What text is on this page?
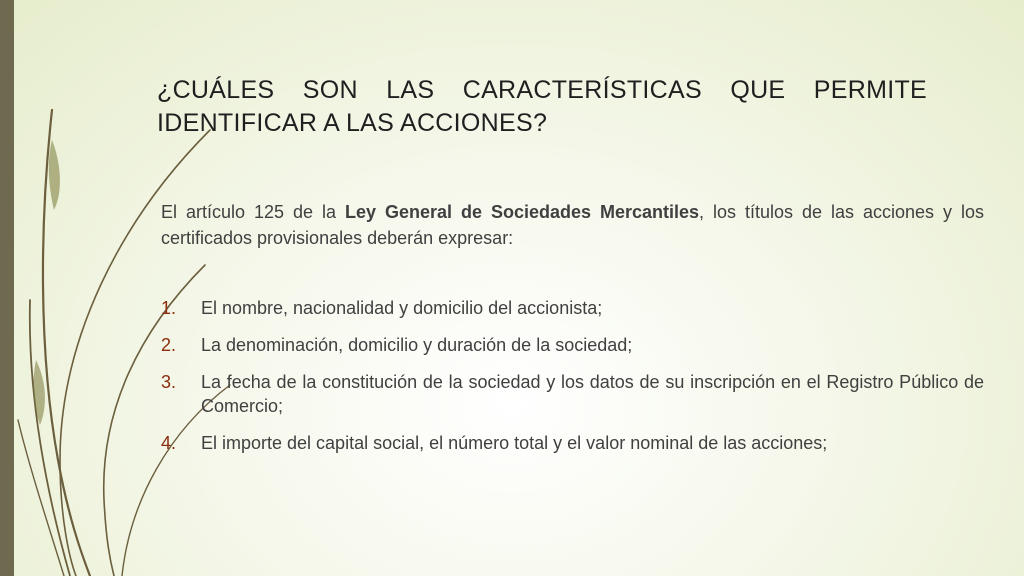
¿CUÁLES SON LAS CARACTERÍSTICAS QUE PERMITE
IDENTIFICAR A LAS ACCIONES?
El artículo 125 de la Ley General de Sociedades Mercantiles, los títulos de las acciones y los certificados provisionales deberán expresar:
1. El nombre, nacionalidad y domicilio del accionista;
2. La denominación, domicilio y duración de la sociedad;
3. La fecha de la constitución de la sociedad y los datos de su inscripción en el Registro Público de Comercio;
4. El importe del capital social, el número total y el valor nominal de las acciones;
